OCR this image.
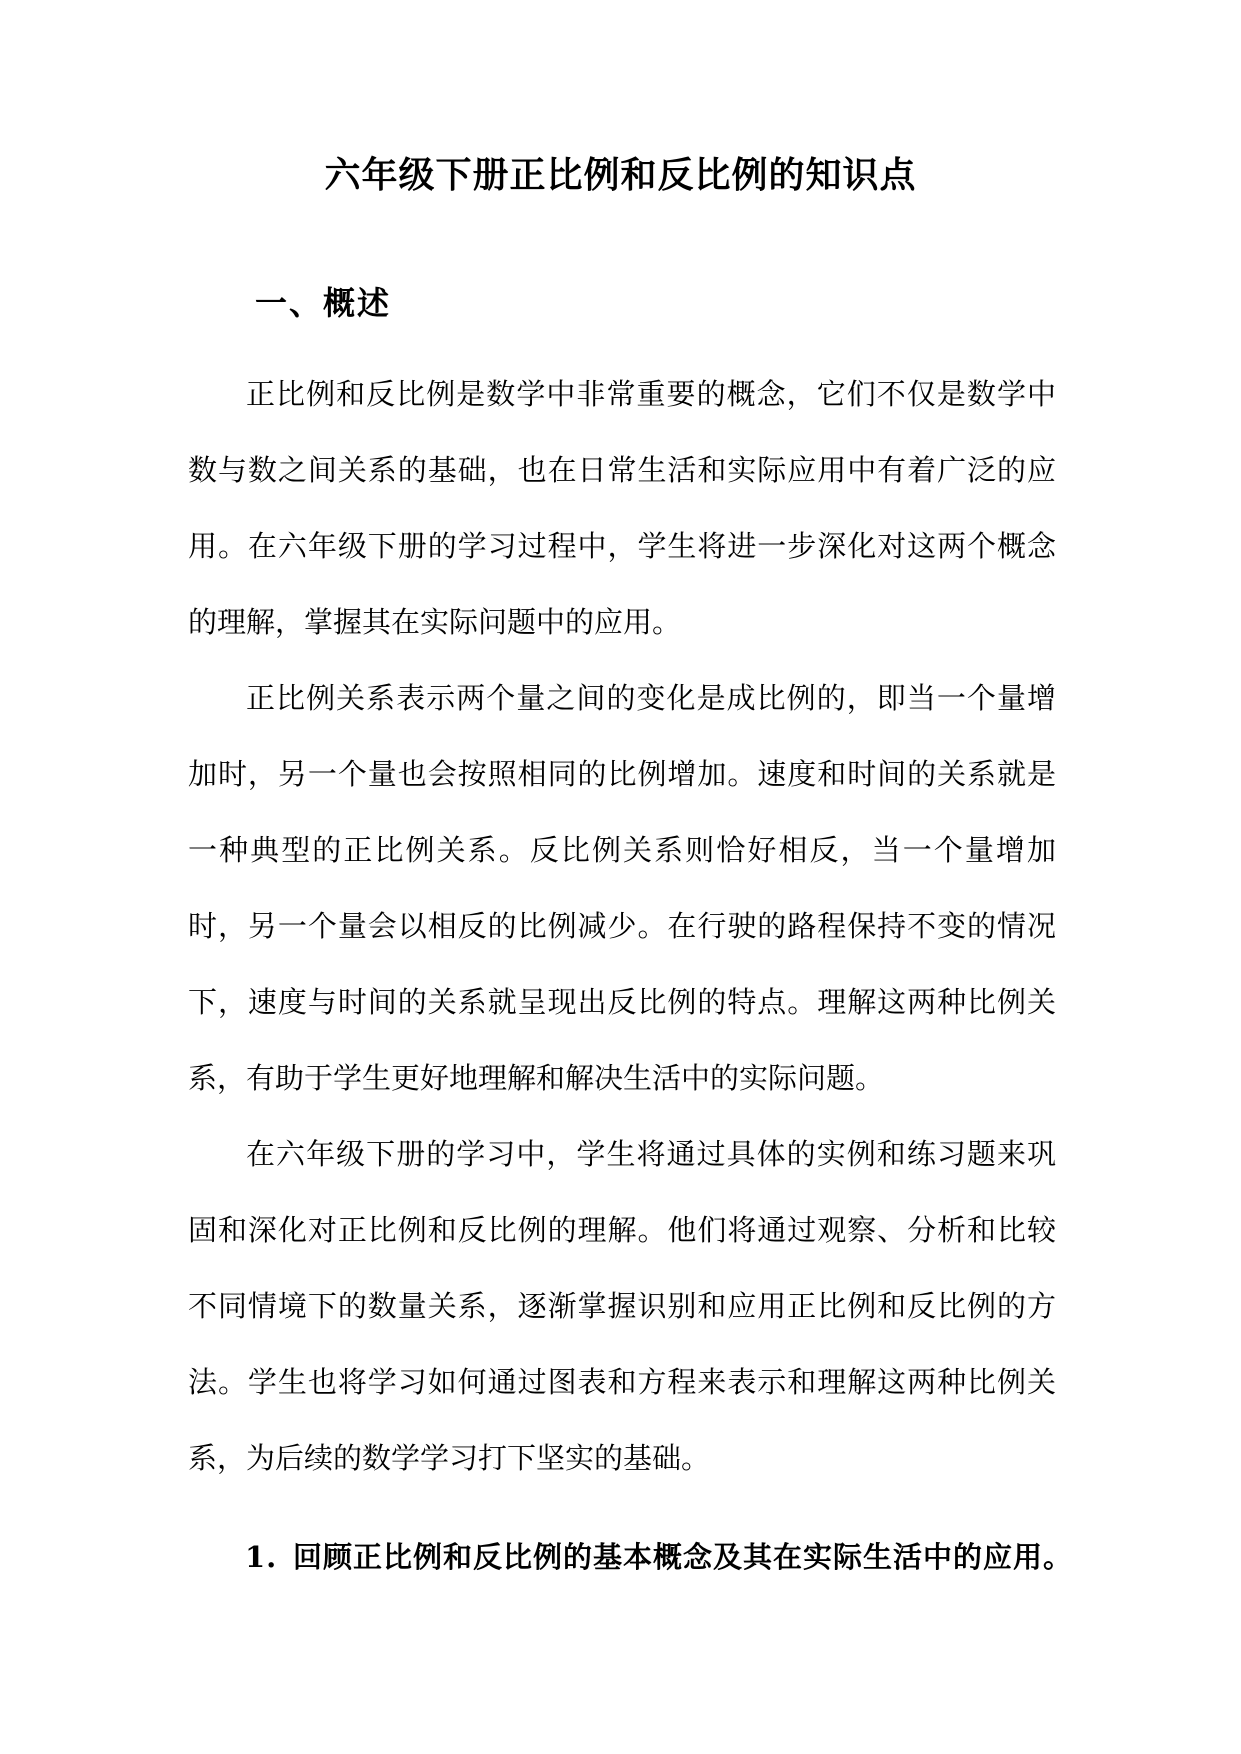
六年级下册正比例和反比例的知识点
一、概述

正比例和反比例是数学中非常重要的概念，它们不仅是数学中数与数之间关系的基础，也在日常生活和实际应用中有着广泛的应用。在六年级下册的学习过程中，学生将进一步深化对这两个概念的理解，掌握其在实际问题中的应用。

正比例关系表示两个量之间的变化是成比例的，即当一个量增加时，另一个量也会按照相同的比例增加。速度和时间的关系就是一种典型的正比例关系。反比例关系则恰好相反，当一个量增加时，另一个量会以相反的比例减少。在行驶的路程保持不变的情况下，速度与时间的关系就呈现出反比例的特点。理解这两种比例关系，有助于学生更好地理解和解决生活中的实际问题。

在六年级下册的学习中，学生将通过具体的实例和练习题来巩固和深化对正比例和反比例的理解。他们将通过观察、分析和比较不同情境下的数量关系，逐渐掌握识别和应用正比例和反比例的方法。学生也将学习如何通过图表和方程来表示和理解这两种比例关系，为后续的数学学习打下坚实的基础。

1. 回顾正比例和反比例的基本概念及其在实际生活中的应用。
